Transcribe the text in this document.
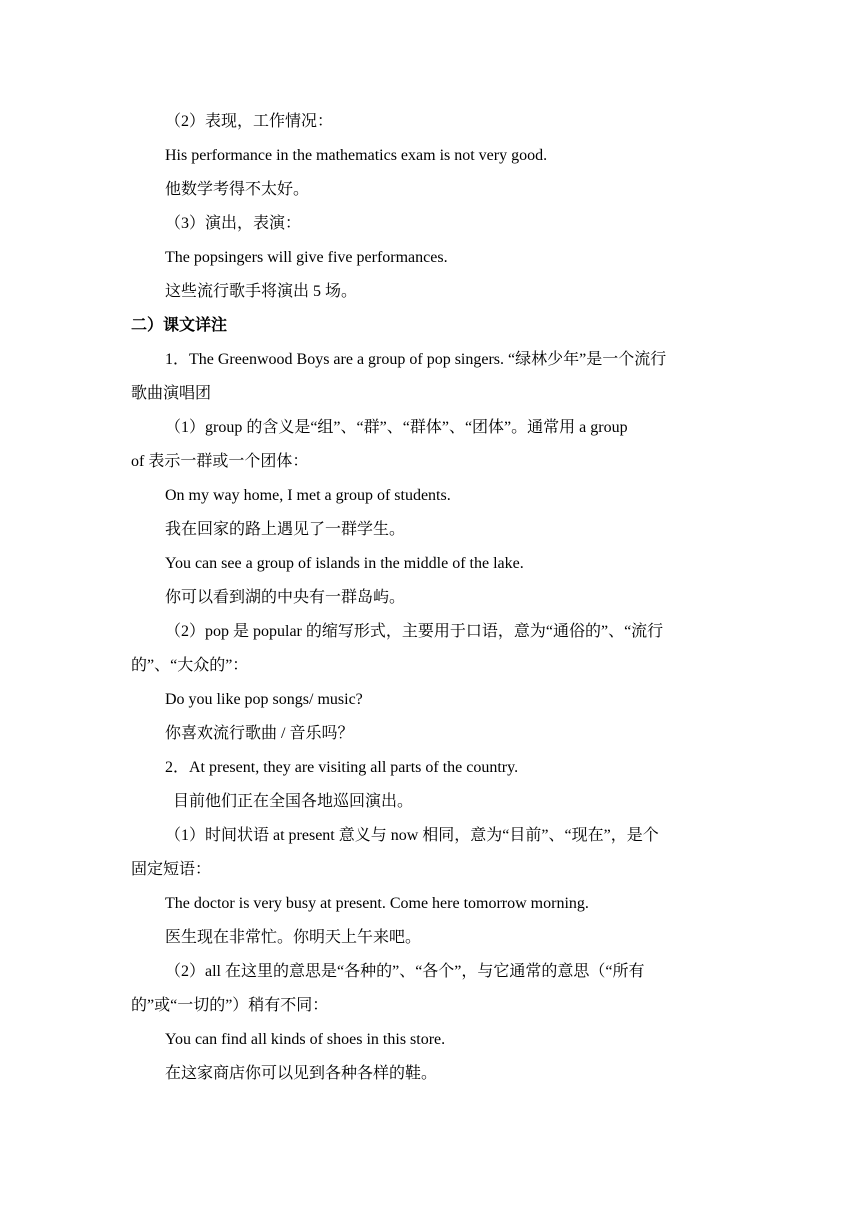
（2）表现，工作情况：
His performance in the mathematics exam is not very good.
他数学考得不太好。
（3）演出，表演：
The popsingers will give five performances.
这些流行歌手将演出 5 场。
二）课文详注
1．The Greenwood Boys are a group of pop singers. “绿林少年”是一个流行
歌曲演唱团
（1）group 的含义是“组”、“群”、“群体”、“团体”。通常用 a group
of 表示一群或一个团体：
On my way home, I met a group of students.
我在回家的路上遇见了一群学生。
You can see a group of islands in the middle of the lake.
你可以看到湖的中央有一群岛屿。
（2）pop 是 popular 的缩写形式，主要用于口语，意为“通俗的”、“流行
的”、“大众的”：
Do you like pop songs/ music?
你喜欢流行歌曲 / 音乐吗？
2．At present, they are visiting all parts of the country.
目前他们正在全国各地巡回演出。
（1）时间状语 at present 意义与 now 相同，意为“目前”、“现在”，是个
固定短语：
The doctor is very busy at present. Come here tomorrow morning.
医生现在非常忙。你明天上午来吧。
（2）all 在这里的意思是“各种的”、“各个”，与它通常的意思（“所有
的”或“一切的”）稍有不同：
You can find all kinds of shoes in this store.
在这家商店你可以见到各种各样的鞋。
